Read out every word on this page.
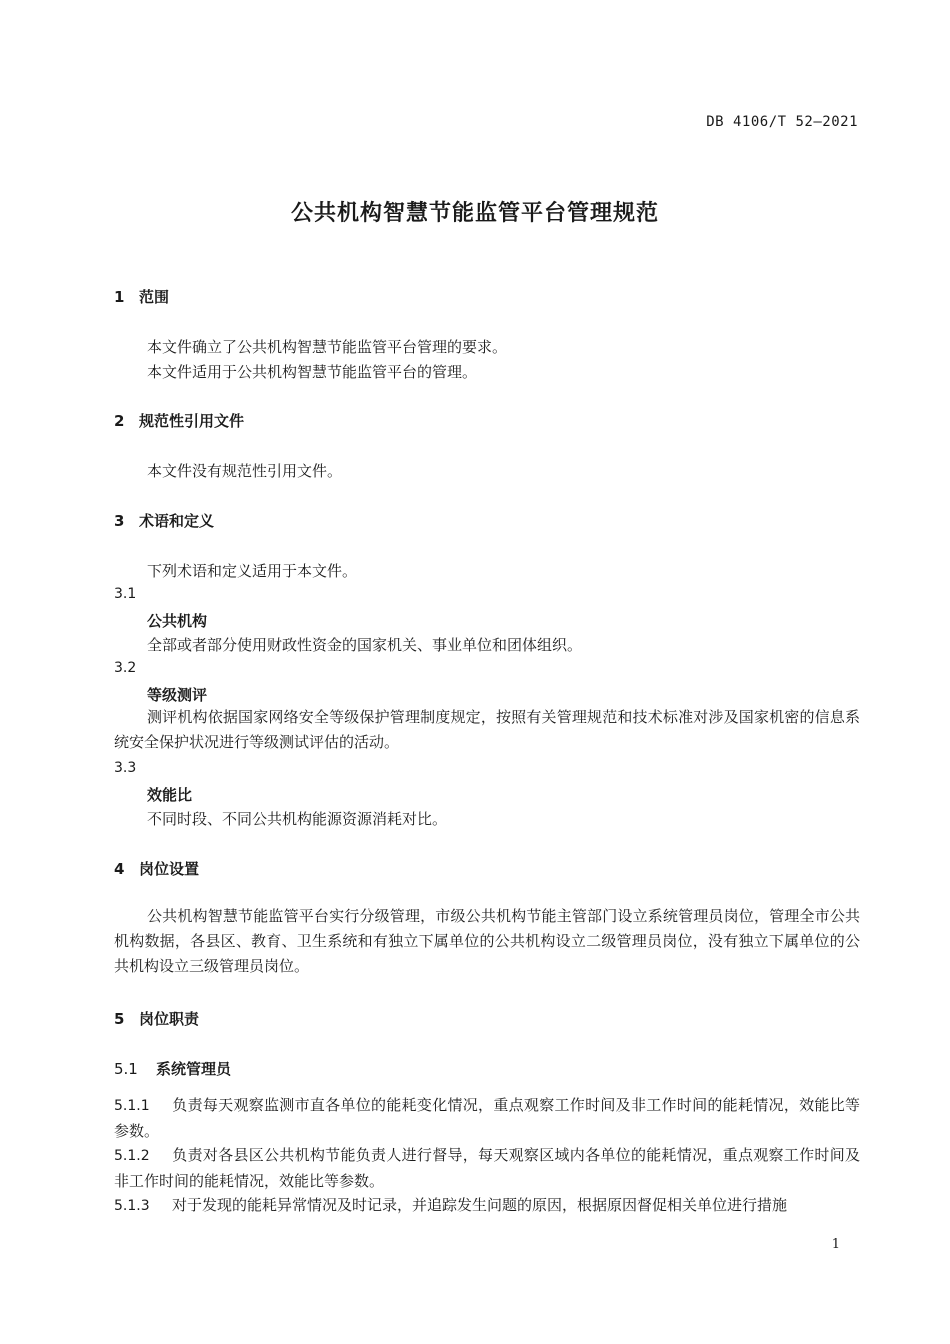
DB 4106/T 52—2021
公共机构智慧节能监管平台管理规范
1 范围
本文件确立了公共机构智慧节能监管平台管理的要求。
本文件适用于公共机构智慧节能监管平台的管理。
2 规范性引用文件
本文件没有规范性引用文件。
3 术语和定义
下列术语和定义适用于本文件。
3.1
公共机构
全部或者部分使用财政性资金的国家机关、事业单位和团体组织。
3.2
等级测评
测评机构依据国家网络安全等级保护管理制度规定，按照有关管理规范和技术标准对涉及国家机密的信息系统安全保护状况进行等级测试评估的活动。
3.3
效能比
不同时段、不同公共机构能源资源消耗对比。
4 岗位设置
公共机构智慧节能监管平台实行分级管理，市级公共机构节能主管部门设立系统管理员岗位，管理全市公共机构数据，各县区、教育、卫生系统和有独立下属单位的公共机构设立二级管理员岗位，没有独立下属单位的公共机构设立三级管理员岗位。
5 岗位职责
5.1 系统管理员
5.1.1 负责每天观察监测市直各单位的能耗变化情况，重点观察工作时间及非工作时间的能耗情况，效能比等参数。
5.1.2 负责对各县区公共机构节能负责人进行督导，每天观察区域内各单位的能耗情况，重点观察工作时间及非工作时间的能耗情况，效能比等参数。
5.1.3 对于发现的能耗异常情况及时记录，并追踪发生问题的原因，根据原因督促相关单位进行措施
1
